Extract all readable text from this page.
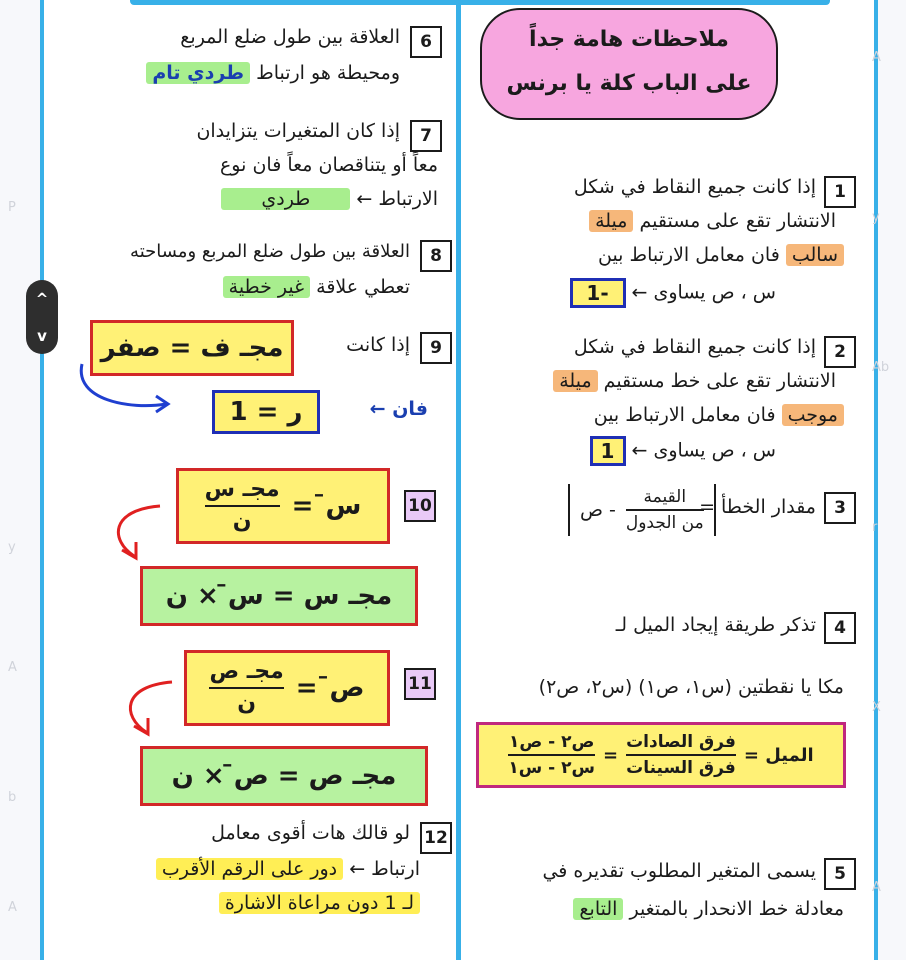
P
y
A
b
A
A
y
Ab
r
X
A
^
v
ملاحظات هامة جداً
على الباب كلة يا برنس
1
إذا كانت جميع النقاط في شكل
الانتشار تقع على مستقيم ميلة
سالب فان معامل الارتباط بين
س ، ص يساوى ← -1
2
إذا كانت جميع النقاط في شكل
الانتشار تقع على خط مستقيم ميلة
موجب فان معامل الارتباط بين
س ، ص يساوى ← 1
3
مقدار الخطأ =
$\frac{\text{القيمة}}{\text{من الجدول}}$
- ص
4
تذكر طريقة إيجاد الميل لـ
مكا يا نقطتين (س١، ص١) (س٢، ص٢)
الميل =
$\frac{\text{فرق الصادات}}{\text{فرق السينات}}$
=
$\frac{\text{ص٢ - ص١}}{\text{س٢ - س١}}$
5
يسمى المتغير المطلوب تقديره في
معادلة خط الانحدار بالمتغير التابع
6
العلاقة بين طول ضلع المربع
ومحيطة هو ارتباط طردي تام
7
إذا كان المتغيرات يتزايدان
معاً أو يتناقصان معاً فان نوع
الارتباط ← طردي
8
العلاقة بين طول ضلع المربع ومساحته
تعطي علاقة غير خطية
9
إذا كانت
مجـ ف = صفر
فان ←
ر = 1
10
س̄
=
$\frac{\text{مجـ س}}{\text{ن}}$
مجـ س = س̄ × ن
11
ص̄
=
$\frac{\text{مجـ ص}}{\text{ن}}$
مجـ ص = ص̄ × ن
12
لو قالك هات أقوى معامل
ارتباط ← دور على الرقم الأقرب
لـ 1 دون مراعاة الاشارة
